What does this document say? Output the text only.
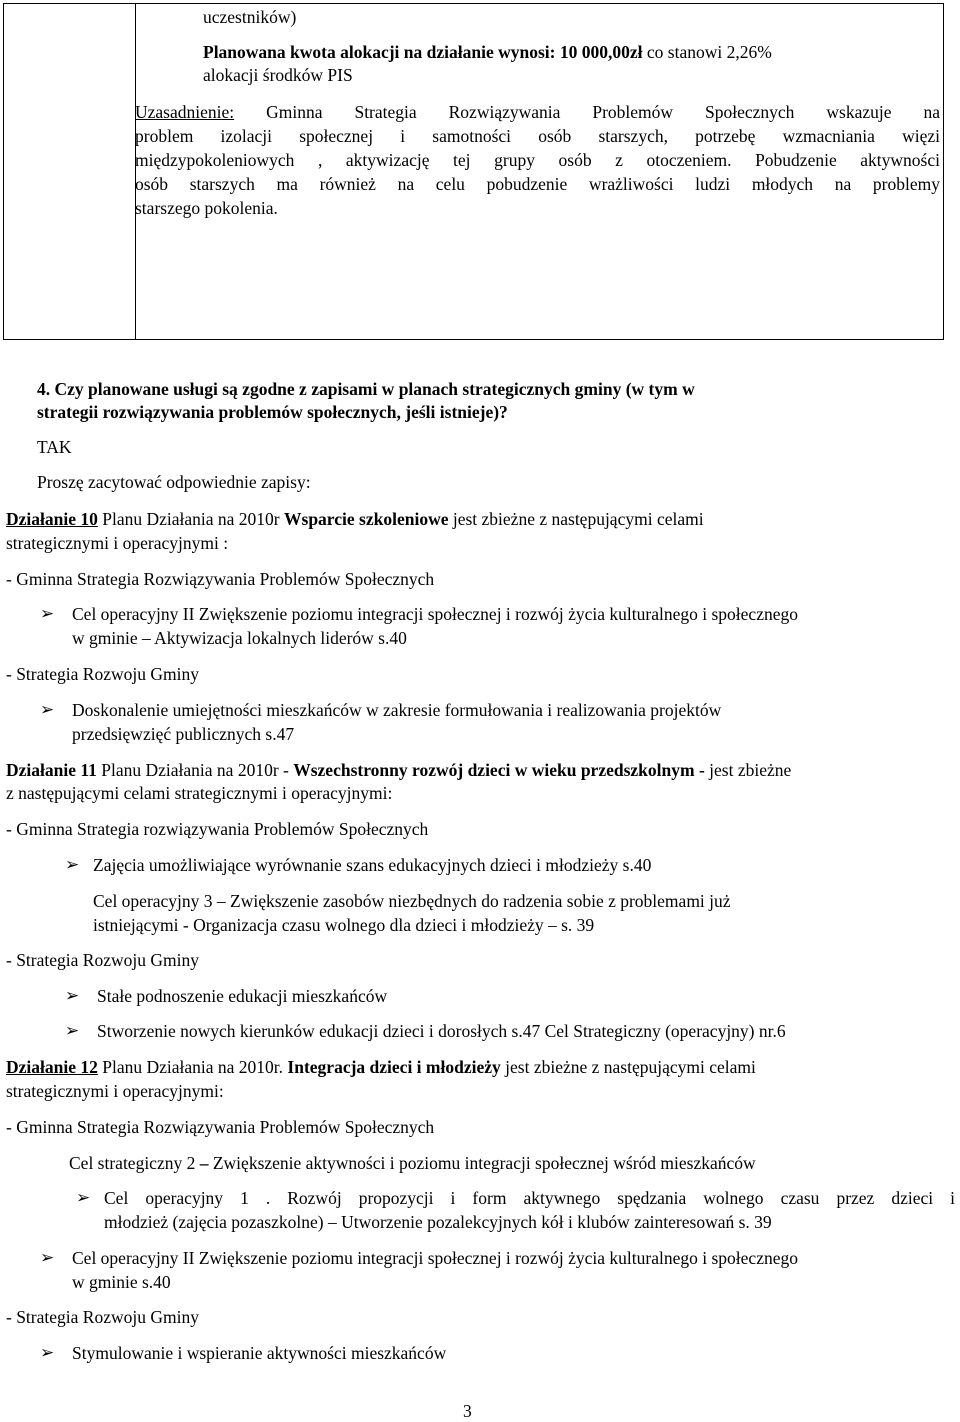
uczestników)
Planowana kwota alokacji na działanie wynosi: 10 000,00zł co stanowi 2,26%
alokacji środków PIS
Uzasadnienie: Gminna Strategia Rozwiązywania Problemów Społecznych wskazuje na
problem izolacji społecznej i samotności osób starszych, potrzebę wzmacniania więzi
międzypokoleniowych , aktywizację tej grupy osób z otoczeniem. Pobudzenie aktywności
osób starszych ma również na celu pobudzenie wrażliwości ludzi młodych na problemy
starszego pokolenia.
4. Czy planowane usługi są zgodne z zapisami w planach strategicznych gminy (w tym w
strategii rozwiązywania problemów społecznych, jeśli istnieje)?
TAK
Proszę zacytować odpowiednie zapisy:
Działanie 10 Planu Działania na 2010r Wsparcie szkoleniowe jest zbieżne z następującymi celami
strategicznymi i operacyjnymi :
- Gminna Strategia Rozwiązywania Problemów Społecznych
➢ Cel operacyjny II Zwiększenie poziomu integracji społecznej i rozwój życia kulturalnego i społecznego
w gminie – Aktywizacja lokalnych liderów s.40
- Strategia Rozwoju Gminy
➢ Doskonalenie umiejętności mieszkańców w zakresie formułowania i realizowania projektów
przedsięwzięć publicznych s.47
Działanie 11 Planu Działania na 2010r - Wszechstronny rozwój dzieci w wieku przedszkolnym - jest zbieżne
z następującymi celami strategicznymi i operacyjnymi:
- Gminna Strategia rozwiązywania Problemów Społecznych
➢ Zajęcia umożliwiające wyrównanie szans edukacyjnych dzieci i młodzieży s.40
Cel operacyjny 3 – Zwiększenie zasobów niezbędnych do radzenia sobie z problemami już
istniejącymi - Organizacja czasu wolnego dla dzieci i młodzieży – s. 39
- Strategia Rozwoju Gminy
➢ Stałe podnoszenie edukacji mieszkańców
➢ Stworzenie nowych kierunków edukacji dzieci i dorosłych s.47 Cel Strategiczny (operacyjny) nr.6
Działanie 12 Planu Działania na 2010r. Integracja dzieci i młodzieży jest zbieżne z następującymi celami
strategicznymi i operacyjnymi:
- Gminna Strategia Rozwiązywania Problemów Społecznych
Cel strategiczny 2 – Zwiększenie aktywności i poziomu integracji społecznej wśród mieszkańców
➢ Cel operacyjny 1 . Rozwój propozycji i form aktywnego spędzania wolnego czasu przez dzieci i
młodzież (zajęcia pozaszkolne) – Utworzenie pozalekcyjnych kół i klubów zainteresowań s. 39
➢ Cel operacyjny II Zwiększenie poziomu integracji społecznej i rozwój życia kulturalnego i społecznego
w gminie s.40
- Strategia Rozwoju Gminy
➢ Stymulowanie i wspieranie aktywności mieszkańców
3
